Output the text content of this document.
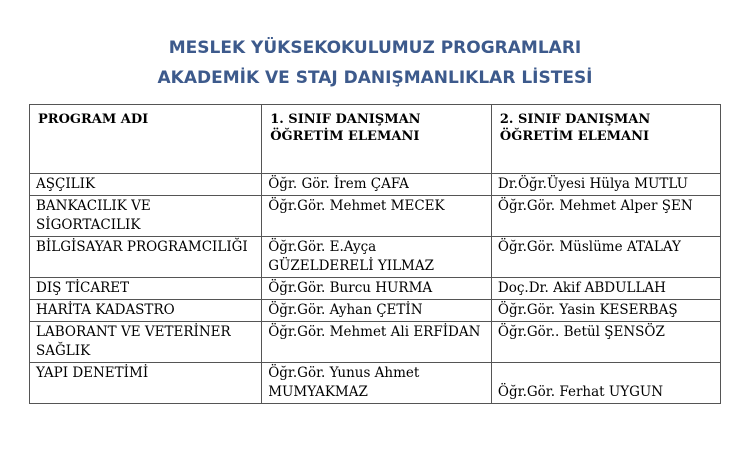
MESLEK YÜKSEKOKULUMUZ PROGRAMLARI
AKADEMİK VE STAJ DANIŞMANLIKLAR LİSTESİ
PROGRAM ADI	1. SINIF DANIŞMAN ÖĞRETİM ELEMANI	2. SINIF DANIŞMAN ÖĞRETİM ELEMANI
AŞÇILIK	Öğr. Gör. İrem ÇAFA	Dr.Öğr.Üyesi Hülya MUTLU
BANKACILIK VE SİGORTACILIK	Öğr.Gör. Mehmet MECEK	Öğr.Gör. Mehmet Alper ŞEN
BİLGİSAYAR PROGRAMCILIĞI	Öğr.Gör. E.Ayça GÜZELDERELİ YILMAZ	Öğr.Gör. Müslüme ATALAY
DIŞ TİCARET	Öğr.Gör. Burcu HURMA	Doç.Dr. Akif ABDULLAH
HARİTA KADASTRO	Öğr.Gör. Ayhan ÇETİN	Öğr.Gör. Yasin KESERBAŞ
LABORANT VE VETERİNER SAĞLIK	Öğr.Gör. Mehmet Ali ERFİDAN	Öğr.Gör.. Betül ŞENSÖZ
YAPI DENETİMİ	Öğr.Gör. Yunus Ahmet MUMYAKMAZ	Öğr.Gör. Ferhat UYGUN
